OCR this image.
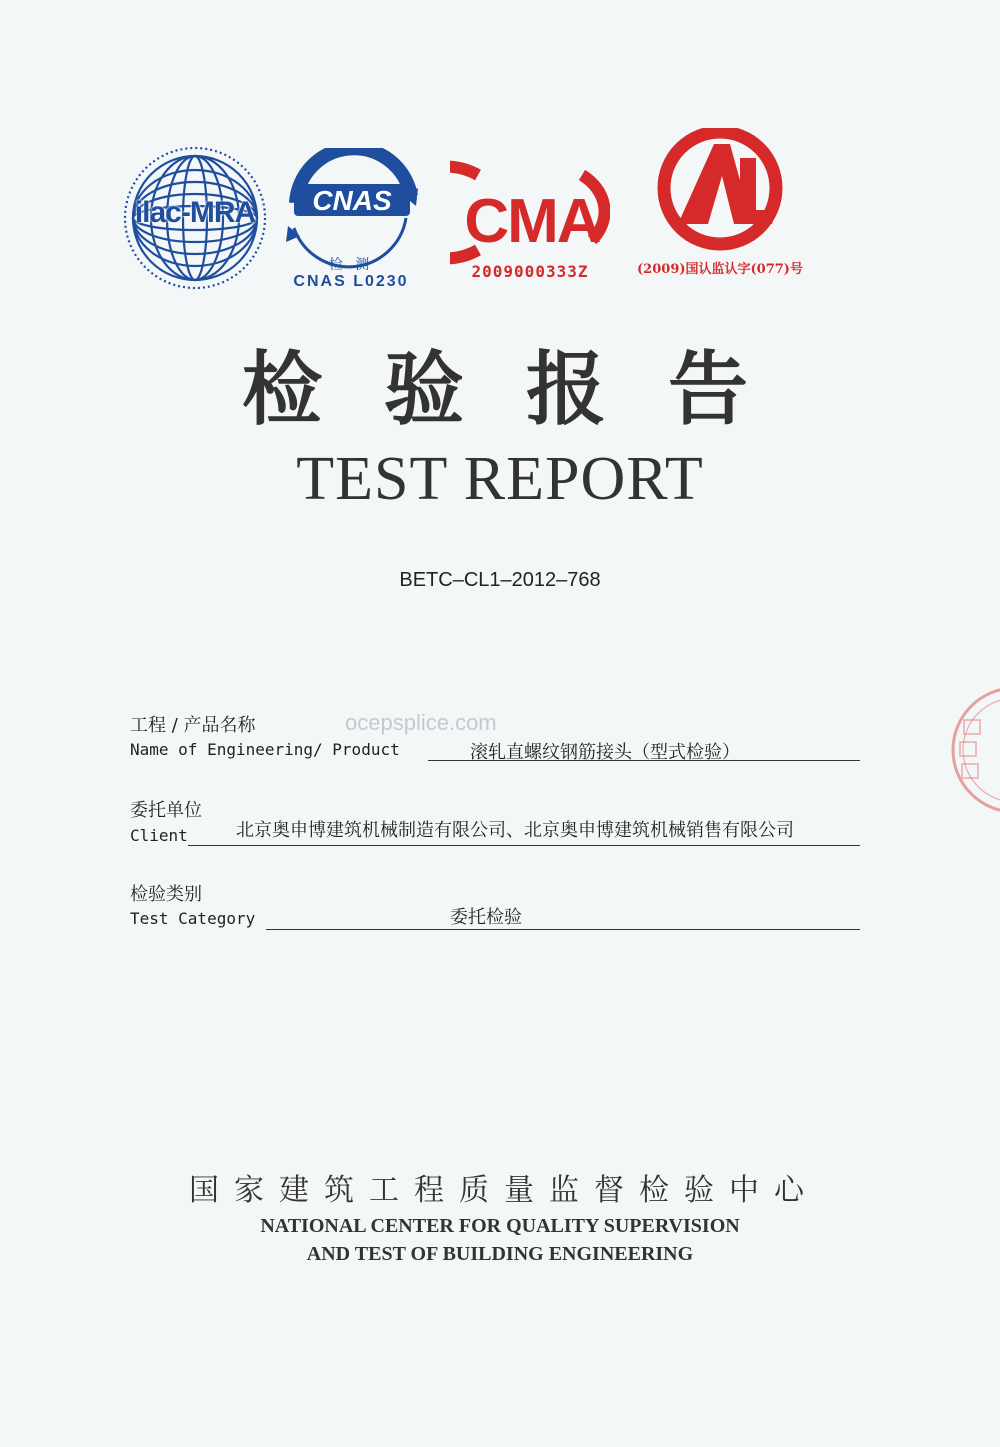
ilac-MRA	CNAS
检 测
CNAS L0230
CMA
2009000333Z	CAL
(2009)国认监认字(077)号
检验报告
TEST REPORT
BETC–CL1–2012–768
ocepsplice.com
工程 / 产品名称
Name of Engineering/ Product	滚轧直螺纹钢筋接头（型式检验）
委托单位
Client	北京奥申博建筑机械制造有限公司、北京奥申博建筑机械销售有限公司
检验类别
Test Category	委托检验
国家建筑工程质量监督检验中心
NATIONAL CENTER FOR QUALITY SUPERVISION
AND TEST OF BUILDING ENGINEERING
